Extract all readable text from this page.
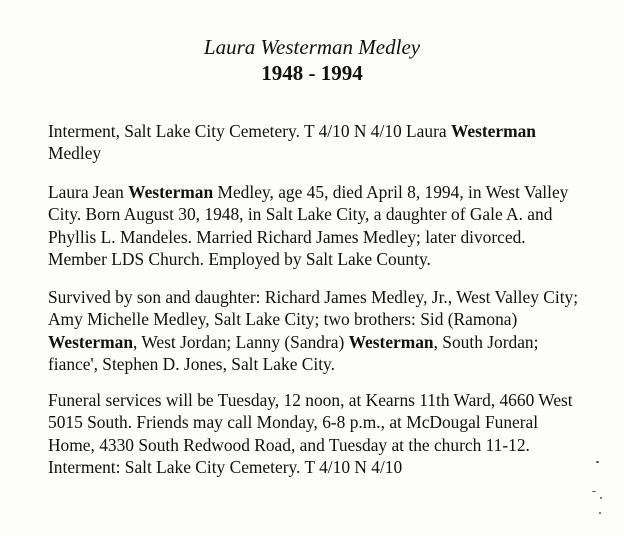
Laura Westerman Medley
1948 - 1994
Interment, Salt Lake City Cemetery. T 4/10 N 4/10 Laura Westerman
Medley
Laura Jean Westerman Medley, age 45, died April 8, 1994, in West Valley
City. Born August 30, 1948, in Salt Lake City, a daughter of Gale A. and
Phyllis L. Mandeles. Married Richard James Medley; later divorced.
Member LDS Church. Employed by Salt Lake County.
Survived by son and daughter: Richard James Medley, Jr., West Valley City;
Amy Michelle Medley, Salt Lake City; two brothers: Sid (Ramona)
Westerman, West Jordan; Lanny (Sandra) Westerman, South Jordan;
fiance', Stephen D. Jones, Salt Lake City.
Funeral services will be Tuesday, 12 noon, at Kearns 11th Ward, 4660 West
5015 South. Friends may call Monday, 6-8 p.m., at McDougal Funeral
Home, 4330 South Redwood Road, and Tuesday at the church 11-12.
Interment: Salt Lake City Cemetery. T 4/10 N 4/10
